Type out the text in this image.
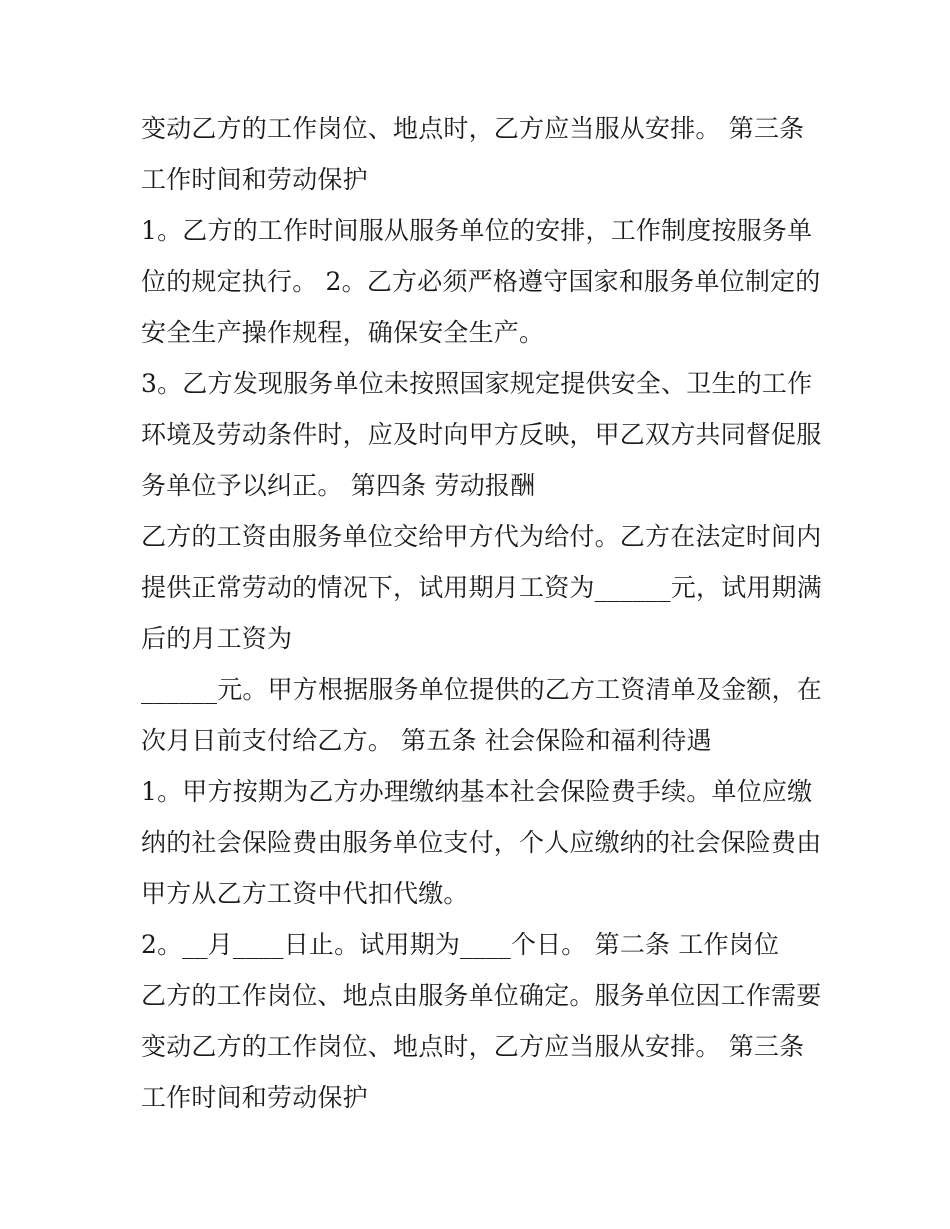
变动乙方的工作岗位、地点时，乙方应当服从安排。 第三条
工作时间和劳动保护
1。乙方的工作时间服从服务单位的安排，工作制度按服务单
位的规定执行。 2。乙方必须严格遵守国家和服务单位制定的
安全生产操作规程，确保安全生产。
3。乙方发现服务单位未按照国家规定提供安全、卫生的工作
环境及劳动条件时，应及时向甲方反映，甲乙双方共同督促服
务单位予以纠正。 第四条 劳动报酬
乙方的工资由服务单位交给甲方代为给付。乙方在法定时间内
提供正常劳动的情况下，试用期月工资为______元，试用期满
后的月工资为
______元。甲方根据服务单位提供的乙方工资清单及金额，在
次月日前支付给乙方。 第五条 社会保险和福利待遇
1。甲方按期为乙方办理缴纳基本社会保险费手续。单位应缴
纳的社会保险费由服务单位支付，个人应缴纳的社会保险费由
甲方从乙方工资中代扣代缴。
2。__月____日止。试用期为____个日。 第二条 工作岗位
乙方的工作岗位、地点由服务单位确定。服务单位因工作需要
变动乙方的工作岗位、地点时，乙方应当服从安排。 第三条
工作时间和劳动保护
